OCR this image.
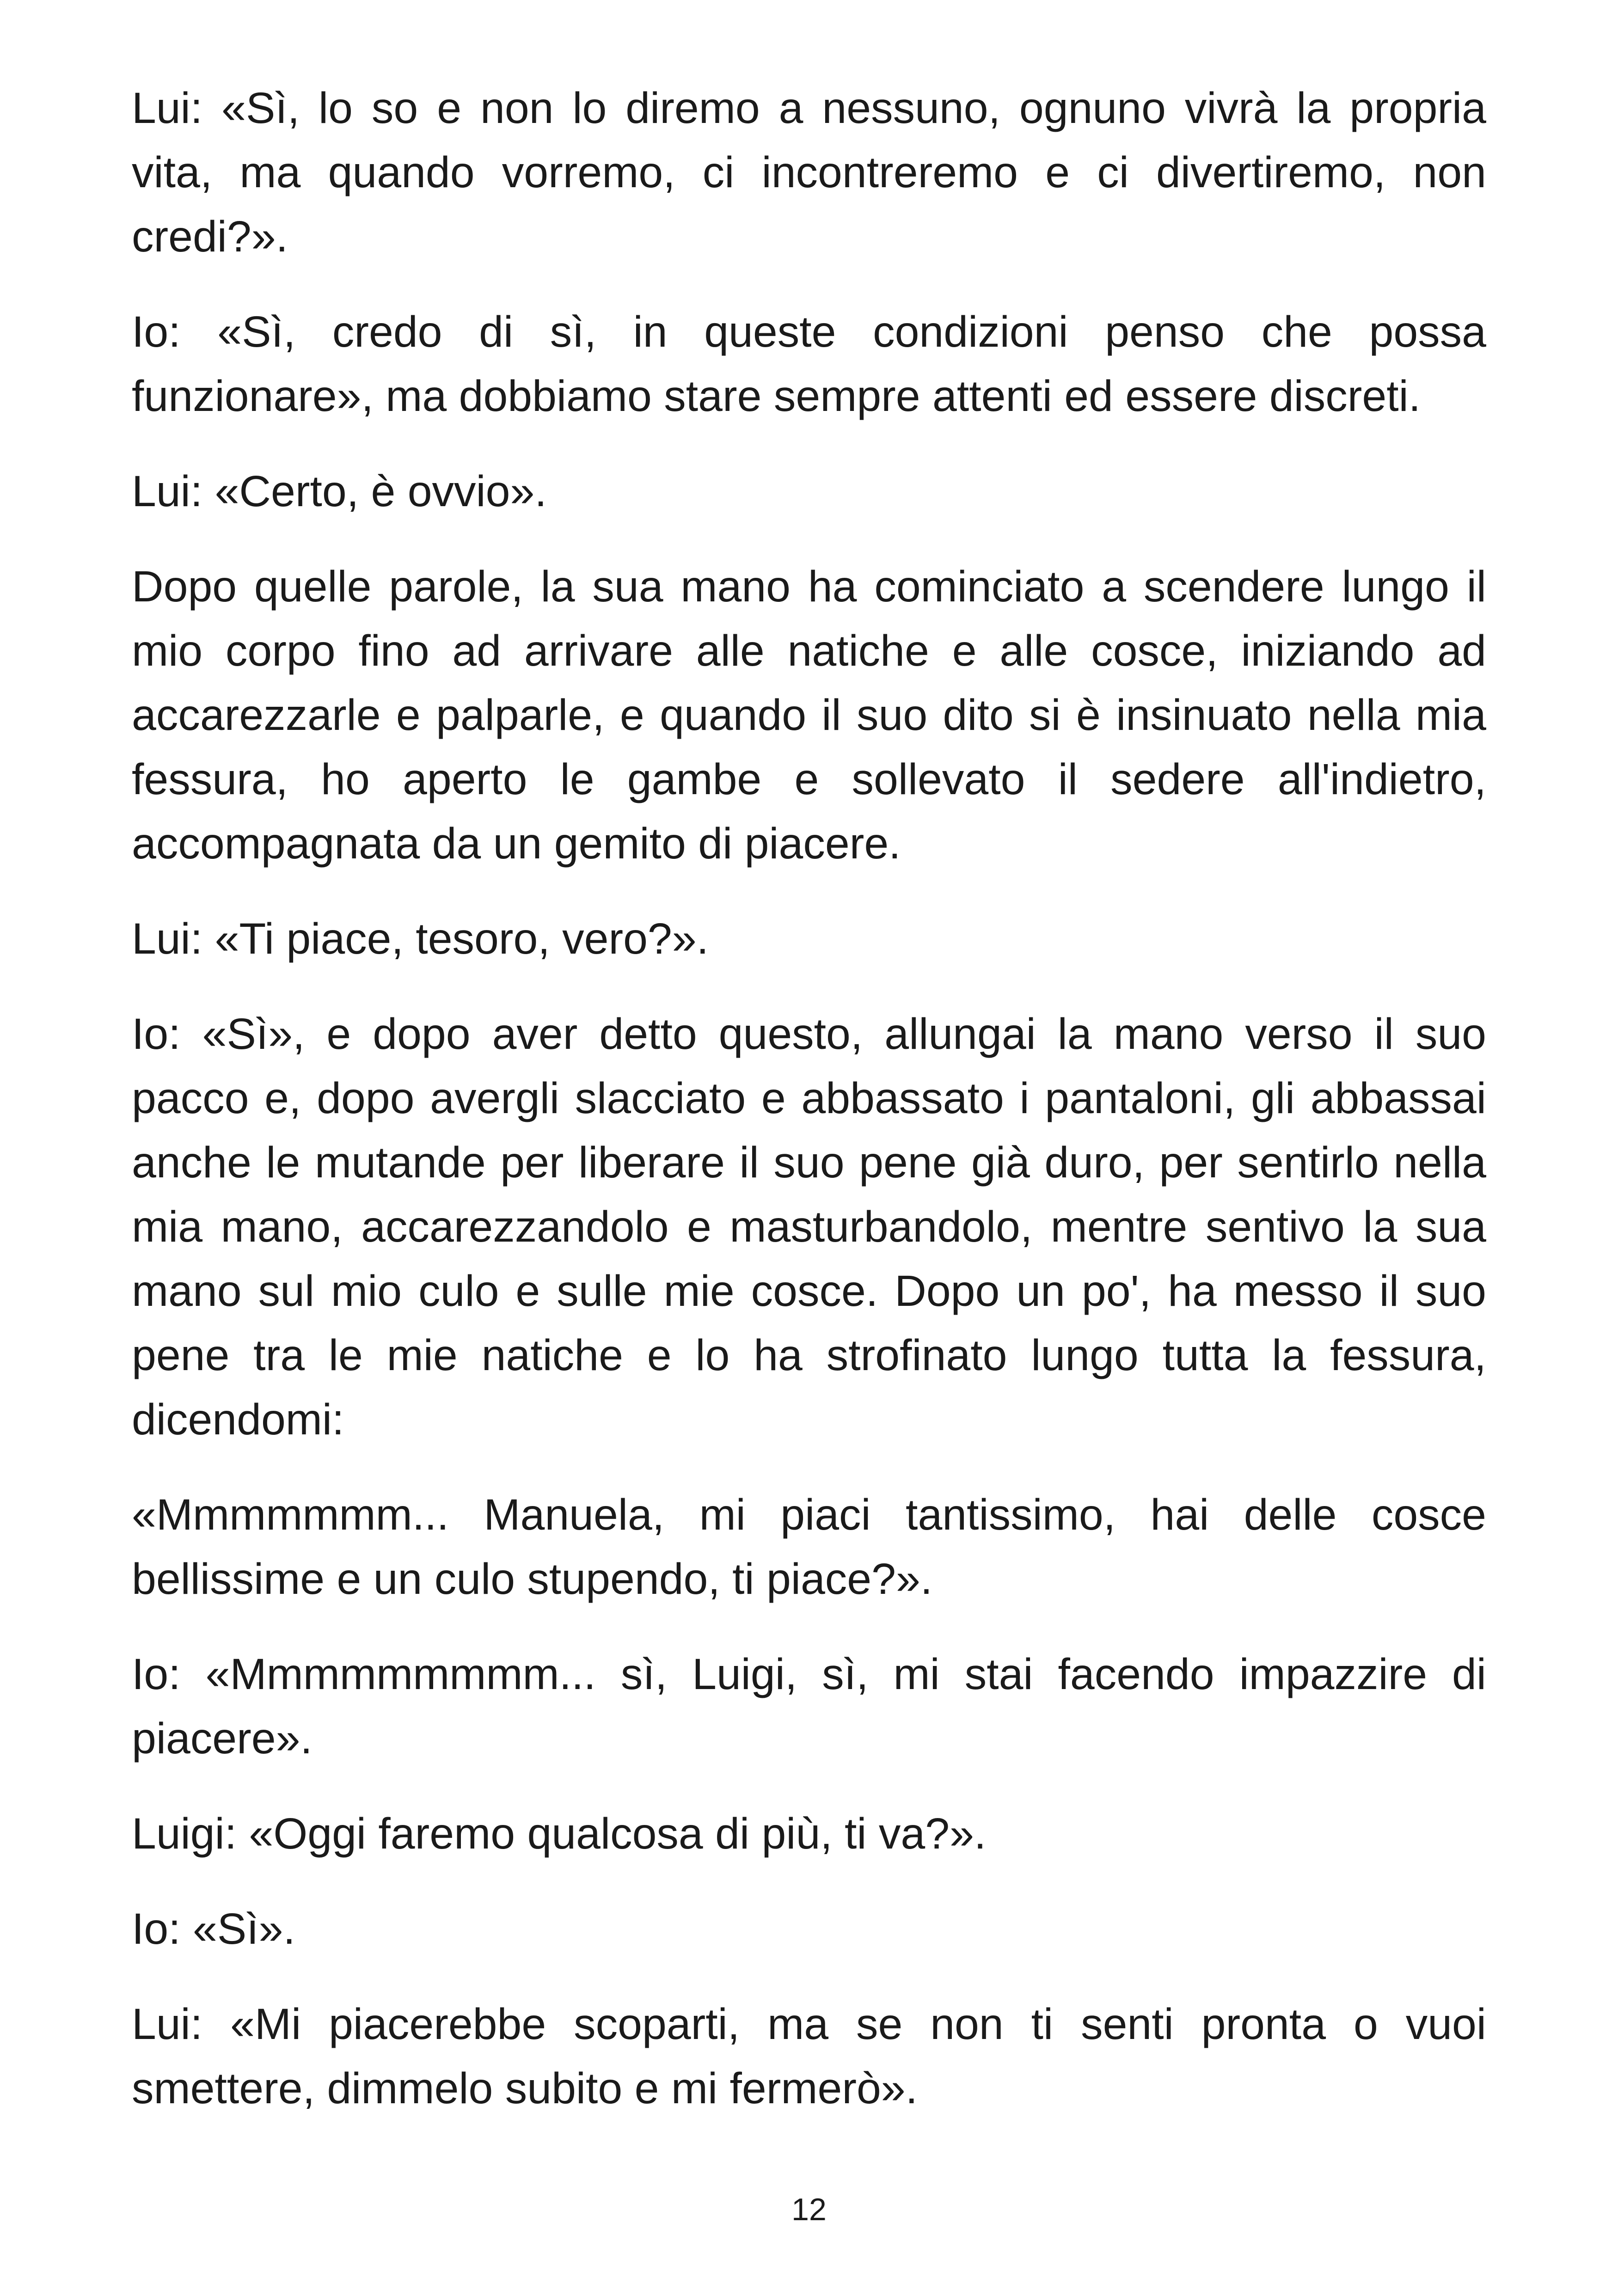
Lui: «Sì, lo so e non lo diremo a nessuno, ognuno vivrà la propria vita, ma quando vorremo, ci incontreremo e ci divertiremo, non credi?».

Io: «Sì, credo di sì, in queste condizioni penso che possa funzionare», ma dobbiamo stare sempre attenti ed essere discreti.

Lui: «Certo, è ovvio».

Dopo quelle parole, la sua mano ha cominciato a scendere lungo il mio corpo fino ad arrivare alle natiche e alle cosce, iniziando ad accarezzarle e palparle, e quando il suo dito si è insinuato nella mia fessura, ho aperto le gambe e sollevato il sedere all'indietro, accompagnata da un gemito di piacere.

Lui: «Ti piace, tesoro, vero?».

Io: «Sì», e dopo aver detto questo, allungai la mano verso il suo pacco e, dopo avergli slacciato e abbassato i pantaloni, gli abbassai anche le mutande per liberare il suo pene già duro, per sentirlo nella mia mano, accarezzandolo e masturbandolo, mentre sentivo la sua mano sul mio culo e sulle mie cosce. Dopo un po', ha messo il suo pene tra le mie natiche e lo ha strofinato lungo tutta la fessura, dicendomi:

«Mmmmmmm... Manuela, mi piaci tantissimo, hai delle cosce bellissime e un culo stupendo, ti piace?».

Io: «Mmmmmmmmm... sì, Luigi, sì, mi stai facendo impazzire di piacere».

Luigi: «Oggi faremo qualcosa di più, ti va?».

Io: «Sì».

Lui: «Mi piacerebbe scoparti, ma se non ti senti pronta o vuoi smettere, dimmelo subito e mi fermerò».

12
